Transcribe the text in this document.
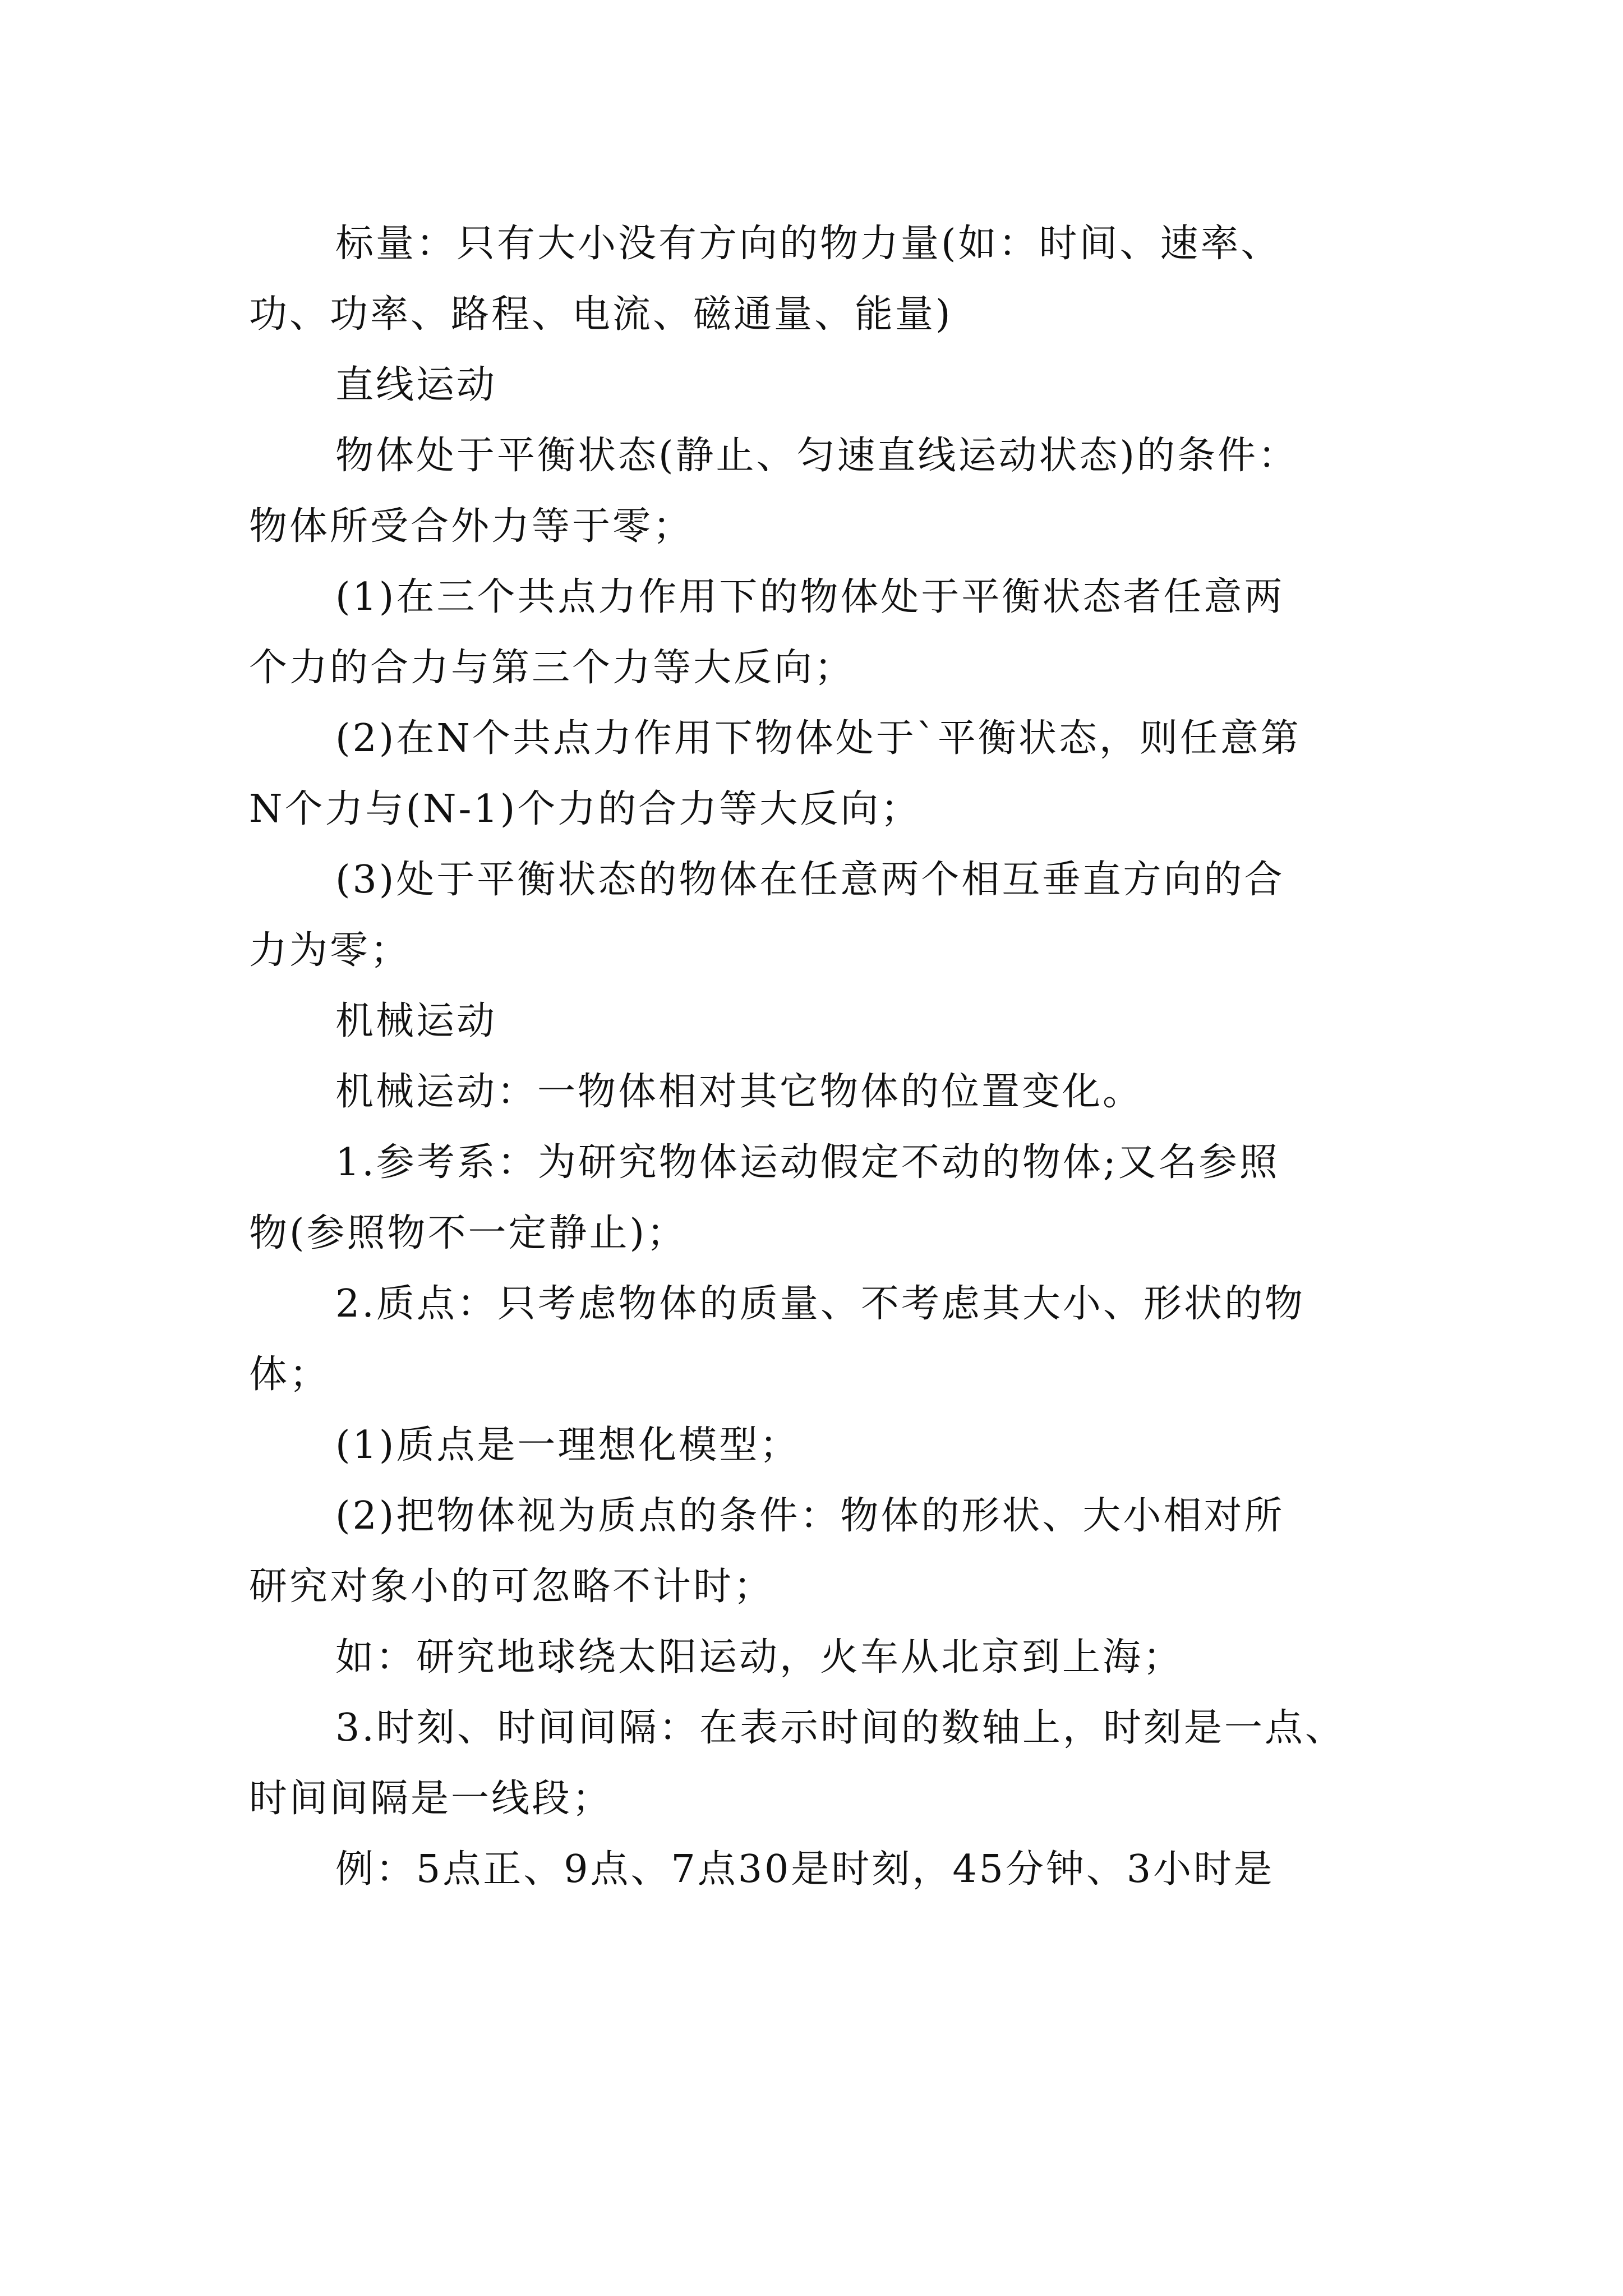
标量：只有大小没有方向的物力量(如：时间、速率、
功、功率、路程、电流、磁通量、能量)
直线运动
物体处于平衡状态(静止、匀速直线运动状态)的条件：
物体所受合外力等于零；
(1)在三个共点力作用下的物体处于平衡状态者任意两
个力的合力与第三个力等大反向；
(2)在N个共点力作用下物体处于`平衡状态，则任意第
N个力与(N-1)个力的合力等大反向；
(3)处于平衡状态的物体在任意两个相互垂直方向的合
力为零；
机械运动
机械运动：一物体相对其它物体的位置变化。
1.参考系：为研究物体运动假定不动的物体;又名参照
物(参照物不一定静止)；
2.质点：只考虑物体的质量、不考虑其大小、形状的物
体；
(1)质点是一理想化模型；
(2)把物体视为质点的条件：物体的形状、大小相对所
研究对象小的可忽略不计时；
如：研究地球绕太阳运动，火车从北京到上海；
3.时刻、时间间隔：在表示时间的数轴上，时刻是一点、
时间间隔是一线段；
例：5点正、9点、7点30是时刻，45分钟、3小时是
